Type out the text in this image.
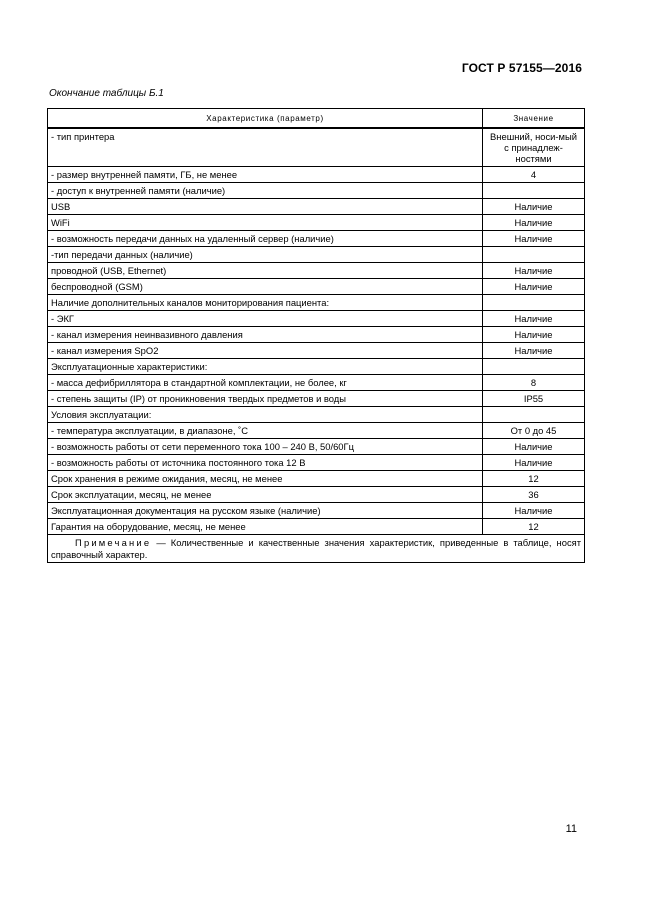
ГОСТ Р 57155—2016
Окончание таблицы Б.1
Характеристика (параметр)	Значение
- тип принтера	Внешний, носи-мый с принадлеж-ностями
- размер внутренней памяти, ГБ, не менее	4
- доступ к внутренней памяти (наличие)	
USB	Наличие
WiFi	Наличие
- возможность передачи данных на удаленный сервер (наличие)	Наличие
-тип передачи данных (наличие)	
проводной (USB, Ethernet)	Наличие
беспроводной (GSM)	Наличие
Наличие дополнительных каналов мониторирования пациента:	
- ЭКГ	Наличие
- канал измерения неинвазивного давления	Наличие
- канал измерения SpO2	Наличие
Эксплуатационные характеристики:	
- масса дефибриллятора в стандартной комплектации, не более, кг	8
- степень защиты (IP) от проникновения твердых предметов и воды	IP55
Условия эксплуатации:	
- температура эксплуатации, в диапазоне, ˚С	От 0 до 45
- возможность работы от сети переменного тока 100 – 240 В, 50/60Гц	Наличие
- возможность работы от источника постоянного тока 12 В	Наличие
Срок хранения в режиме ожидания, месяц, не менее	12
Срок эксплуатации, месяц, не менее	36
Эксплуатационная документация на русском языке (наличие)	Наличие
Гарантия на оборудование, месяц, не менее	12
Примечание — Количественные и качественные значения характеристик, приведенные в таблице, носят справочный характер.	
11
